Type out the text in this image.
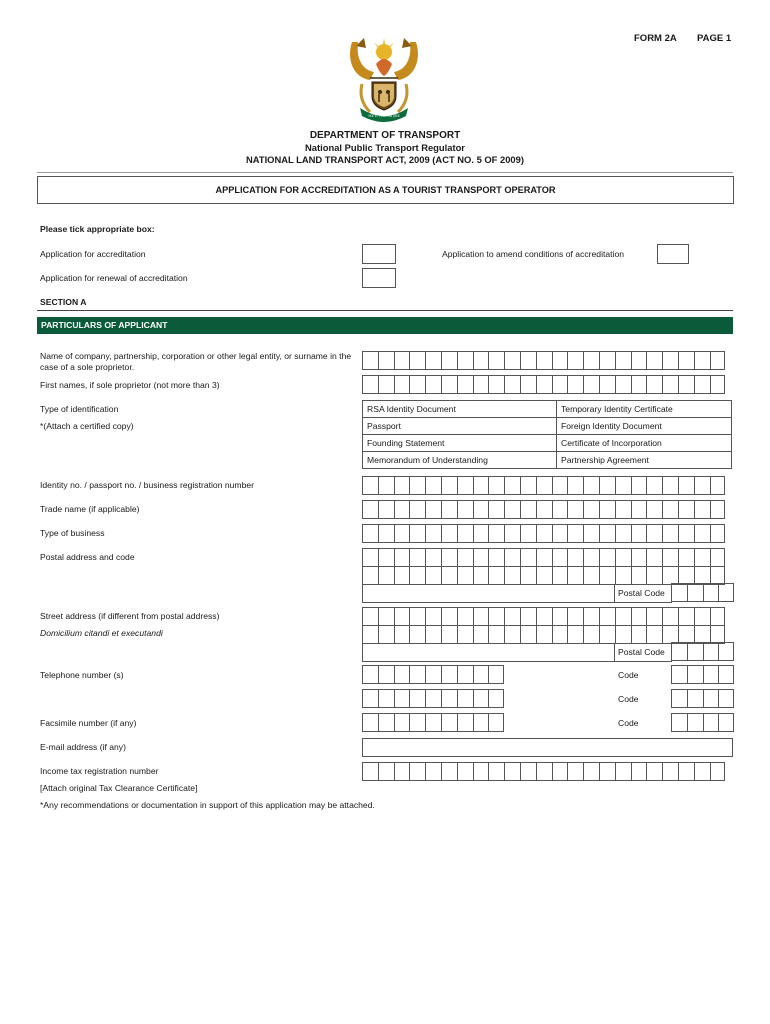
FORM 2A PAGE 1
!KE E: /XARRA //KE
DEPARTMENT OF TRANSPORT
National Public Transport Regulator
NATIONAL LAND TRANSPORT ACT, 2009 (ACT NO. 5 OF 2009)
APPLICATION FOR ACCREDITATION AS A TOURIST TRANSPORT OPERATOR
Please tick appropriate box:
Application for accreditation	Application to amend conditions of accreditation
Application for renewal of accreditation
SECTION A
PARTICULARS OF APPLICANT
Name of company, partnership, corporation or other legal entity, or surname in the case of a sole proprietor.
First names, if sole proprietor (not more than 3)
Type of identification
*(Attach a certified copy)
RSA Identity Document	Temporary Identity Certificate
Passport	Foreign Identity Document
Founding Statement	Certificate of Incorporation
Memorandum of Understanding	Partnership Agreement
Identity no. / passport no. / business registration number
Trade name (if applicable)
Type of business
Postal address and code
Postal Code
Street address (if different from postal address)
Domicilium citandi et executandi
Postal Code
Telephone number (s)	Code
Code
Facsimile number (if any)	Code
E-mail address (if any)
Income tax registration number
[Attach original Tax Clearance Certificate]
*Any recommendations or documentation in support of this application may be attached.
